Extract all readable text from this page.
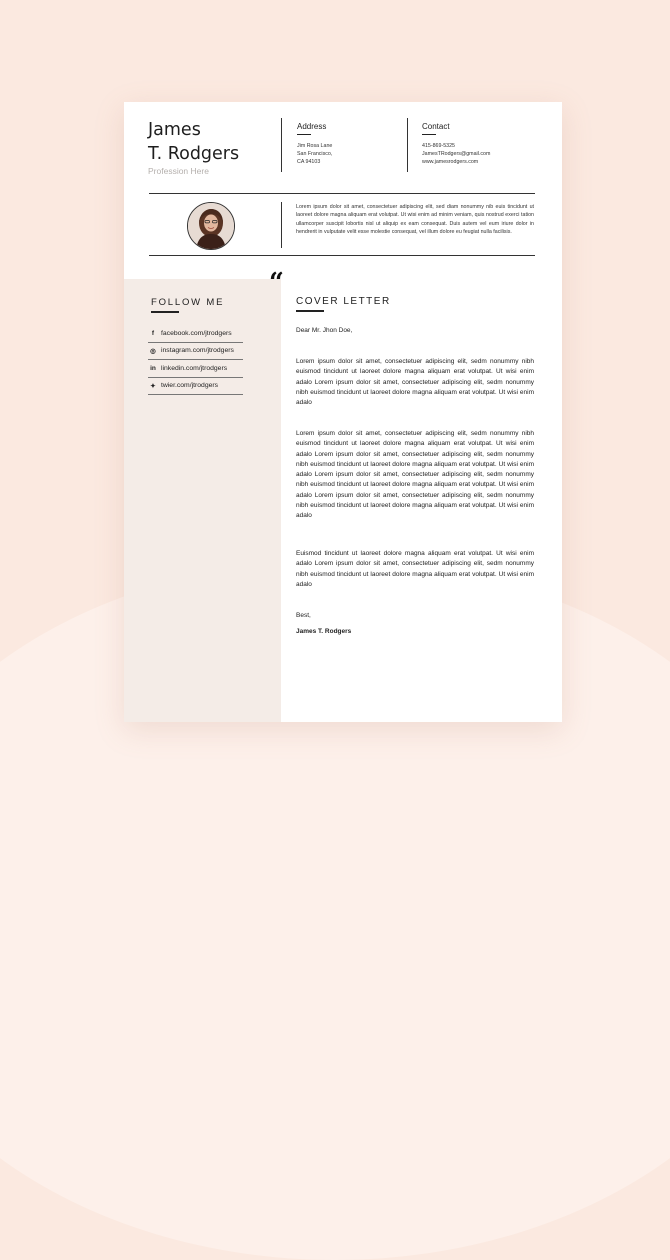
James
T. Rodgers
Profession Here
Address
Jim Rosa Lane
San Francisco,
CA 94103
Contact
415-869-5325
JamesTRodgers@gmail.com
www.jamesrodgers.com
Lorem ipsum dolor sit amet, consectetuer adipiscing elit, sed diam nonummy nib euis tincidunt ut laoreet dolore magna aliquam erat volutpat. Ut wisi enim ad minim veniam, quis nostrud exerci tation ullamcorper suscipit lobortis nisl ut aliquip ex eam consequat. Duis autem vel eum iriure dolor in hendrerit in vulputate velit esse molestie consequat, vel illum dolore eu feugiat nulla facilisis.
“
FOLLOW ME
f	facebook.com/jtrodgers
◎ instagram.com/jtrodgers
in linkedin.com/jtrodgers
✦ twier.com/jtrodgers
COVER LETTER
Dear Mr. Jhon Doe,
Lorem ipsum dolor sit amet, consectetuer adipiscing elit, sedm nonummy nibh euismod tincidunt ut laoreet dolore magna aliquam erat volutpat. Ut wisi enim adalo Lorem ipsum dolor sit amet, consectetuer adipiscing elit, sedm nonummy nibh euismod tincidunt ut laoreet dolore magna aliquam erat volutpat. Ut wisi enim adalo
Lorem ipsum dolor sit amet, consectetuer adipiscing elit, sedm nonummy nibh euismod tincidunt ut laoreet dolore magna aliquam erat volutpat. Ut wisi enim adalo Lorem ipsum dolor sit amet, consectetuer adipiscing elit, sedm nonummy nibh euismod tincidunt ut laoreet dolore magna aliquam erat volutpat. Ut wisi enim adalo Lorem ipsum dolor sit amet, consectetuer adipiscing elit, sedm nonummy nibh euismod tincidunt ut laoreet dolore magna aliquam erat volutpat. Ut wisi enim adalo Lorem ipsum dolor sit amet, consectetuer adipiscing elit, sedm nonummy nibh euismod tincidunt ut laoreet dolore magna aliquam erat volutpat. Ut wisi enim adalo
Euismod tincidunt ut laoreet dolore magna aliquam erat volutpat. Ut wisi enim adalo Lorem ipsum dolor sit amet, consectetuer adipiscing elit, sedm nonummy nibh euismod tincidunt ut laoreet dolore magna aliquam erat volutpat. Ut wisi enim adalo
Best,
James T. Rodgers
